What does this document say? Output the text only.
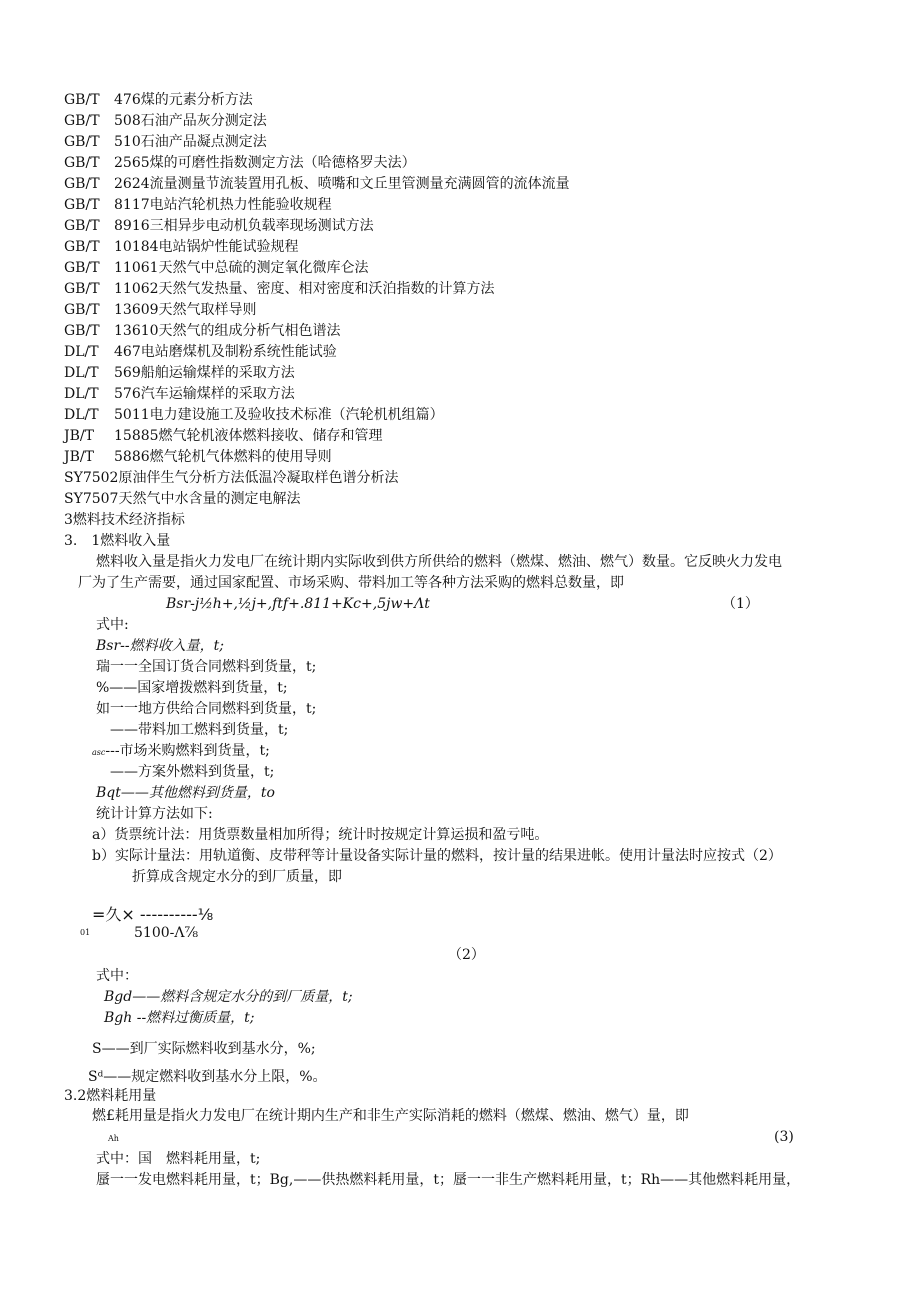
GB/T 476煤的元素分析方法
GB/T 508石油产品灰分测定法
GB/T 510石油产品凝点测定法
GB/T 2565煤的可磨性指数测定方法（哈德格罗夫法）
GB/T 2624流量测量节流装置用孔板、喷嘴和文丘里管测量充满圆管的流体流量
GB/T 8117电站汽轮机热力性能验收规程
GB/T 8916三相异步电动机负载率现场测试方法
GB/T 10184电站锅炉性能试验规程
GB/T 11061天然气中总硫的测定氧化微库仑法
GB/T 11062天然气发热量、密度、相对密度和沃泊指数的计算方法
GB/T 13609天然气取样导则
GB/T 13610天然气的组成分析气相色谱法
DL/T 467电站磨煤机及制粉系统性能试验
DL/T 569船舶运输煤样的采取方法
DL/T 576汽车运输煤样的采取方法
DL/T 5011电力建设施工及验收技术标准（汽轮机机组篇）
JB/T 15885燃气轮机液体燃料接收、储存和管理
JB/T 5886燃气轮机气体燃料的使用导则
SY7502原油伴生气分析方法低温冷凝取样色谱分析法
SY7507天然气中水含量的测定电解法
3燃料技术经济指标
3.　1燃料收入量
燃料收入量是指火力发电厂在统计期内实际收到供方所供给的燃料（燃煤、燃油、燃气）数量。它反映火力发电
厂为了生产需要，通过国家配置、市场采购、带料加工等各种方法采购的燃料总数量，即
Bsr-j½h+,½j+,ftf+.811+Kc+,5jw+Λt	（1）
式中:
Bsr--燃料收入量，t;
瑞一一全国订货合同燃料到货量，t;
%——国家增拨燃料到货量，t;
如一一地方供给合同燃料到货量，t;
——带料加工燃料到货量，t;
asc---市场米购燃料到货量，t;
——方案外燃料到货量，t;
Bqt——其他燃料到货量，to
统计计算方法如下:
a）货票统计法：用货票数量相加所得；统计时按规定计算运损和盈亏吨。
b）实际计量法：用轨道衡、皮带秤等计量设备实际计量的燃料，按计量的结果进帐。使用计量法时应按式（2）
折算成含规定水分的到厂质量，即
=久× ----------⅛
01	5100-Λ⅞
（2）
式中：
Bgd——燃料含规定水分的到厂质量，t;
Bgh --燃料过衡质量，t;
S——到厂实际燃料收到基水分，%;
Sᵈ——规定燃料收到基水分上限，%。
3.2燃料耗用量
燃£耗用量是指火力发电厂在统计期内生产和非生产实际消耗的燃料（燃煤、燃油、燃气）量，即
Ah	(3)
式中：国　燃料耗用量，t;
蜃一一发电燃料耗用量，t；Bg,——供热燃料耗用量，t；蜃一一非生产燃料耗用量，t；Rh——其他燃料耗用量，
